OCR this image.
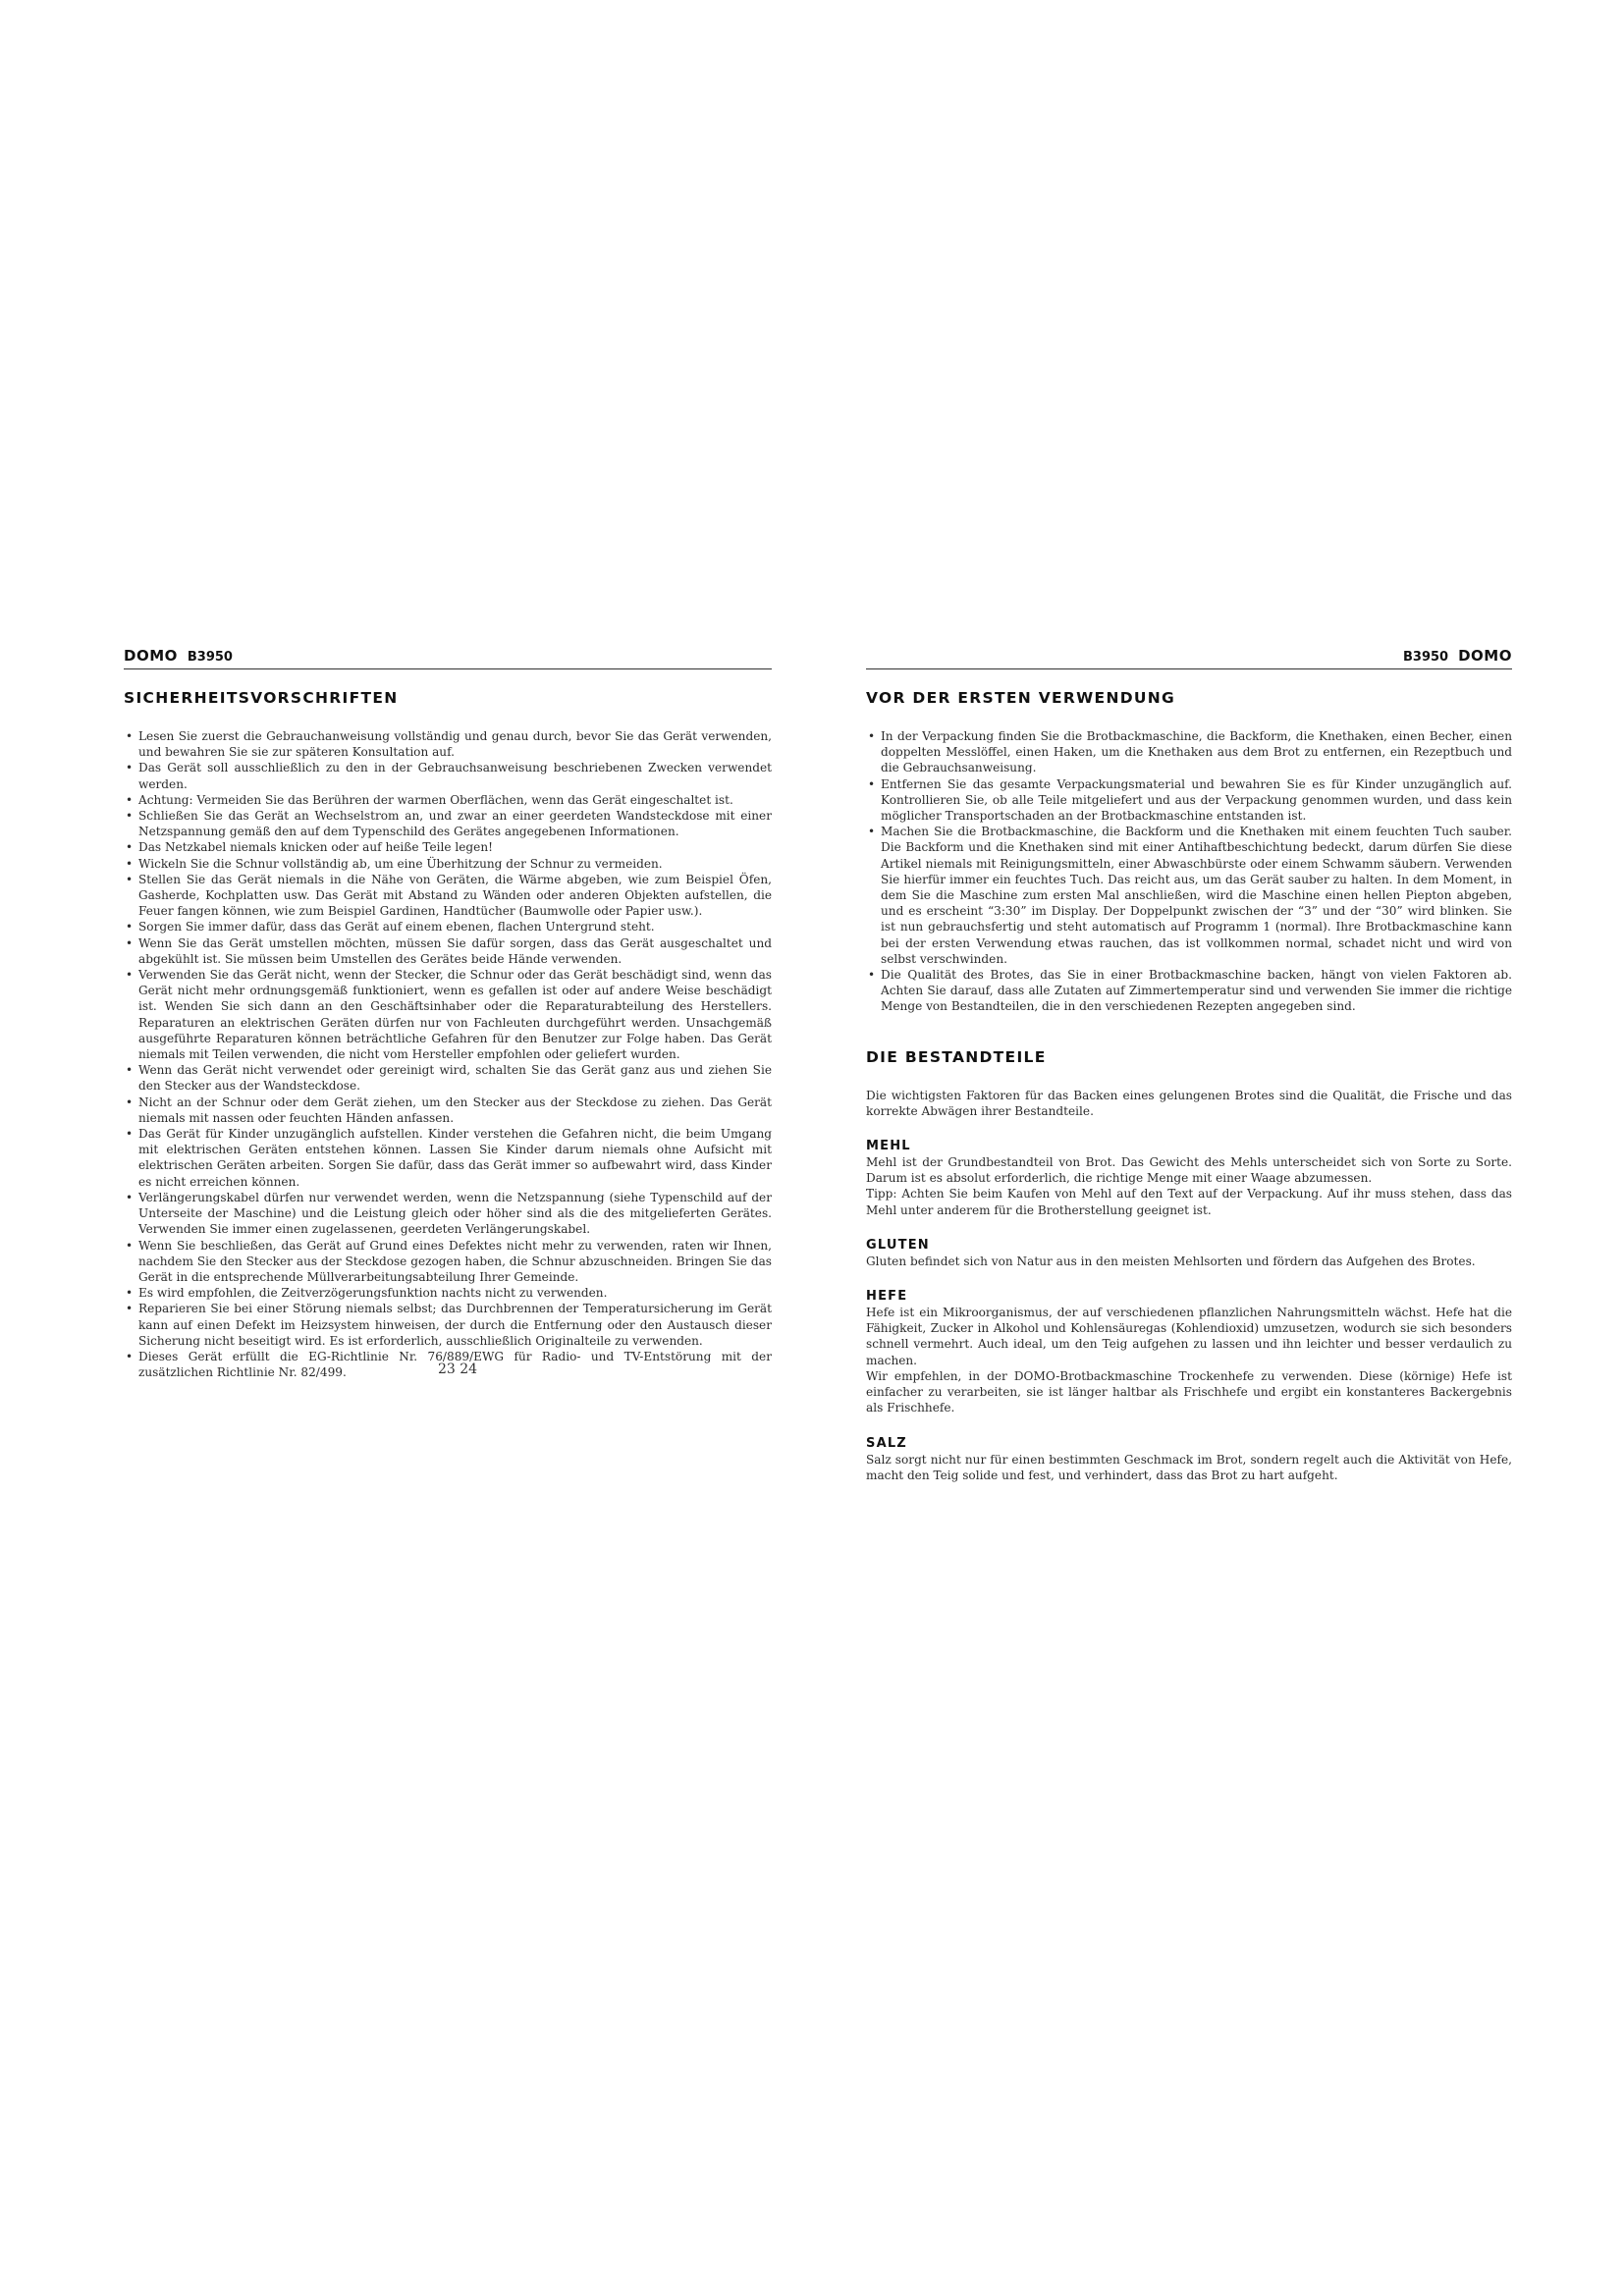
DOMO B3950
SICHERHEITSVORSCHRIFTEN
• Lesen Sie zuerst die Gebrauchanweisung vollständig und genau durch, bevor Sie das Gerät verwenden, und bewahren Sie sie zur späteren Konsultation auf.
• Das Gerät soll ausschließlich zu den in der Gebrauchsanweisung beschriebenen Zwecken verwendet werden.
• Achtung: Vermeiden Sie das Berühren der warmen Oberflächen, wenn das Gerät eingeschaltet ist.
• Schließen Sie das Gerät an Wechselstrom an, und zwar an einer geerdeten Wandsteckdose mit einer Netzspannung gemäß den auf dem Typenschild des Gerätes angegebenen Informationen.
• Das Netzkabel niemals knicken oder auf heiße Teile legen!
• Wickeln Sie die Schnur vollständig ab, um eine Überhitzung der Schnur zu vermeiden.
• Stellen Sie das Gerät niemals in die Nähe von Geräten, die Wärme abgeben, wie zum Beispiel Öfen, Gasherde, Kochplatten usw. Das Gerät mit Abstand zu Wänden oder anderen Objekten aufstellen, die Feuer fangen können, wie zum Beispiel Gardinen, Handtücher (Baumwolle oder Papier usw.).
• Sorgen Sie immer dafür, dass das Gerät auf einem ebenen, flachen Untergrund steht.
• Wenn Sie das Gerät umstellen möchten, müssen Sie dafür sorgen, dass das Gerät ausgeschaltet und abgekühlt ist. Sie müssen beim Umstellen des Gerätes beide Hände verwenden.
• Verwenden Sie das Gerät nicht, wenn der Stecker, die Schnur oder das Gerät beschädigt sind, wenn das Gerät nicht mehr ordnungsgemäß funktioniert, wenn es gefallen ist oder auf andere Weise beschädigt ist. Wenden Sie sich dann an den Geschäftsinhaber oder die Reparaturabteilung des Herstellers. Reparaturen an elektrischen Geräten dürfen nur von Fachleuten durchgeführt werden. Unsachgemäß ausgeführte Reparaturen können beträchtliche Gefahren für den Benutzer zur Folge haben. Das Gerät niemals mit Teilen verwenden, die nicht vom Hersteller empfohlen oder geliefert wurden.
• Wenn das Gerät nicht verwendet oder gereinigt wird, schalten Sie das Gerät ganz aus und ziehen Sie den Stecker aus der Wandsteckdose.
• Nicht an der Schnur oder dem Gerät ziehen, um den Stecker aus der Steckdose zu ziehen. Das Gerät niemals mit nassen oder feuchten Händen anfassen.
• Das Gerät für Kinder unzugänglich aufstellen. Kinder verstehen die Gefahren nicht, die beim Umgang mit elektrischen Geräten entstehen können. Lassen Sie Kinder darum niemals ohne Aufsicht mit elektrischen Geräten arbeiten. Sorgen Sie dafür, dass das Gerät immer so aufbewahrt wird, dass Kinder es nicht erreichen können.
• Verlängerungskabel dürfen nur verwendet werden, wenn die Netzspannung (siehe Typenschild auf der Unterseite der Maschine) und die Leistung gleich oder höher sind als die des mitgelieferten Gerätes. Verwenden Sie immer einen zugelassenen, geerdeten Verlängerungskabel.
• Wenn Sie beschließen, das Gerät auf Grund eines Defektes nicht mehr zu verwenden, raten wir Ihnen, nachdem Sie den Stecker aus der Steckdose gezogen haben, die Schnur abzuschneiden. Bringen Sie das Gerät in die entsprechende Müllverarbeitungsabteilung Ihrer Gemeinde.
• Es wird empfohlen, die Zeitverzögerungsfunktion nachts nicht zu verwenden.
• Reparieren Sie bei einer Störung niemals selbst; das Durchbrennen der Temperatursicherung im Gerät kann auf einen Defekt im Heizsystem hinweisen, der durch die Entfernung oder den Austausch dieser Sicherung nicht beseitigt wird. Es ist erforderlich, ausschließlich Originalteile zu verwenden.
• Dieses Gerät erfüllt die EG-Richtlinie Nr. 76/889/EWG für Radio- und TV-Entstörung mit der zusätzlichen Richtlinie Nr. 82/499.	23 24
B3950 DOMO
VOR DER ERSTEN VERWENDUNG
• In der Verpackung finden Sie die Brotbackmaschine, die Backform, die Knethaken, einen Becher, einen doppelten Messlöffel, einen Haken, um die Knethaken aus dem Brot zu entfernen, ein Rezeptbuch und die Gebrauchsanweisung.
• Entfernen Sie das gesamte Verpackungsmaterial und bewahren Sie es für Kinder unzugänglich auf. Kontrollieren Sie, ob alle Teile mitgeliefert und aus der Verpackung genommen wurden, und dass kein möglicher Transportschaden an der Brotbackmaschine entstanden ist.
• Machen Sie die Brotbackmaschine, die Backform und die Knethaken mit einem feuchten Tuch sauber. Die Backform und die Knethaken sind mit einer Antihaftbeschichtung bedeckt, darum dürfen Sie diese Artikel niemals mit Reinigungsmitteln, einer Abwaschbürste oder einem Schwamm säubern. Verwenden Sie hierfür immer ein feuchtes Tuch. Das reicht aus, um das Gerät sauber zu halten. In dem Moment, in dem Sie die Maschine zum ersten Mal anschließen, wird die Maschine einen hellen Piepton abgeben, und es erscheint “3:30” im Display. Der Doppelpunkt zwischen der “3” und der “30” wird blinken. Sie ist nun gebrauchsfertig und steht automatisch auf Programm 1 (normal). Ihre Brotbackmaschine kann bei der ersten Verwendung etwas rauchen, das ist vollkommen normal, schadet nicht und wird von selbst verschwinden.
• Die Qualität des Brotes, das Sie in einer Brotbackmaschine backen, hängt von vielen Faktoren ab. Achten Sie darauf, dass alle Zutaten auf Zimmertemperatur sind und verwenden Sie immer die richtige Menge von Bestandteilen, die in den verschiedenen Rezepten angegeben sind.
DIE BESTANDTEILE

Die wichtigsten Faktoren für das Backen eines gelungenen Brotes sind die Qualität, die Frische und das korrekte Abwägen ihrer Bestandteile.

MEHL

Mehl ist der Grundbestandteil von Brot. Das Gewicht des Mehls unterscheidet sich von Sorte zu Sorte. Darum ist es absolut erforderlich, die richtige Menge mit einer Waage abzumessen.

Tipp: Achten Sie beim Kaufen von Mehl auf den Text auf der Verpackung. Auf ihr muss stehen, dass das Mehl unter anderem für die Brotherstellung geeignet ist.

GLUTEN

Gluten befindet sich von Natur aus in den meisten Mehlsorten und fördern das Aufgehen des Brotes.

HEFE

Hefe ist ein Mikroorganismus, der auf verschiedenen pflanzlichen Nahrungsmitteln wächst. Hefe hat die Fähigkeit, Zucker in Alkohol und Kohlensäuregas (Kohlendioxid) umzusetzen, wodurch sie sich besonders schnell vermehrt. Auch ideal, um den Teig aufgehen zu lassen und ihn leichter und besser verdaulich zu machen.

Wir empfehlen, in der DOMO-Brotbackmaschine Trockenhefe zu verwenden. Diese (körnige) Hefe ist einfacher zu verarbeiten, sie ist länger haltbar als Frischhefe und ergibt ein konstanteres Backergebnis als Frischhefe.

SALZ

Salz sorgt nicht nur für einen bestimmten Geschmack im Brot, sondern regelt auch die Aktivität von Hefe, macht den Teig solide und fest, und verhindert, dass das Brot zu hart aufgeht.
